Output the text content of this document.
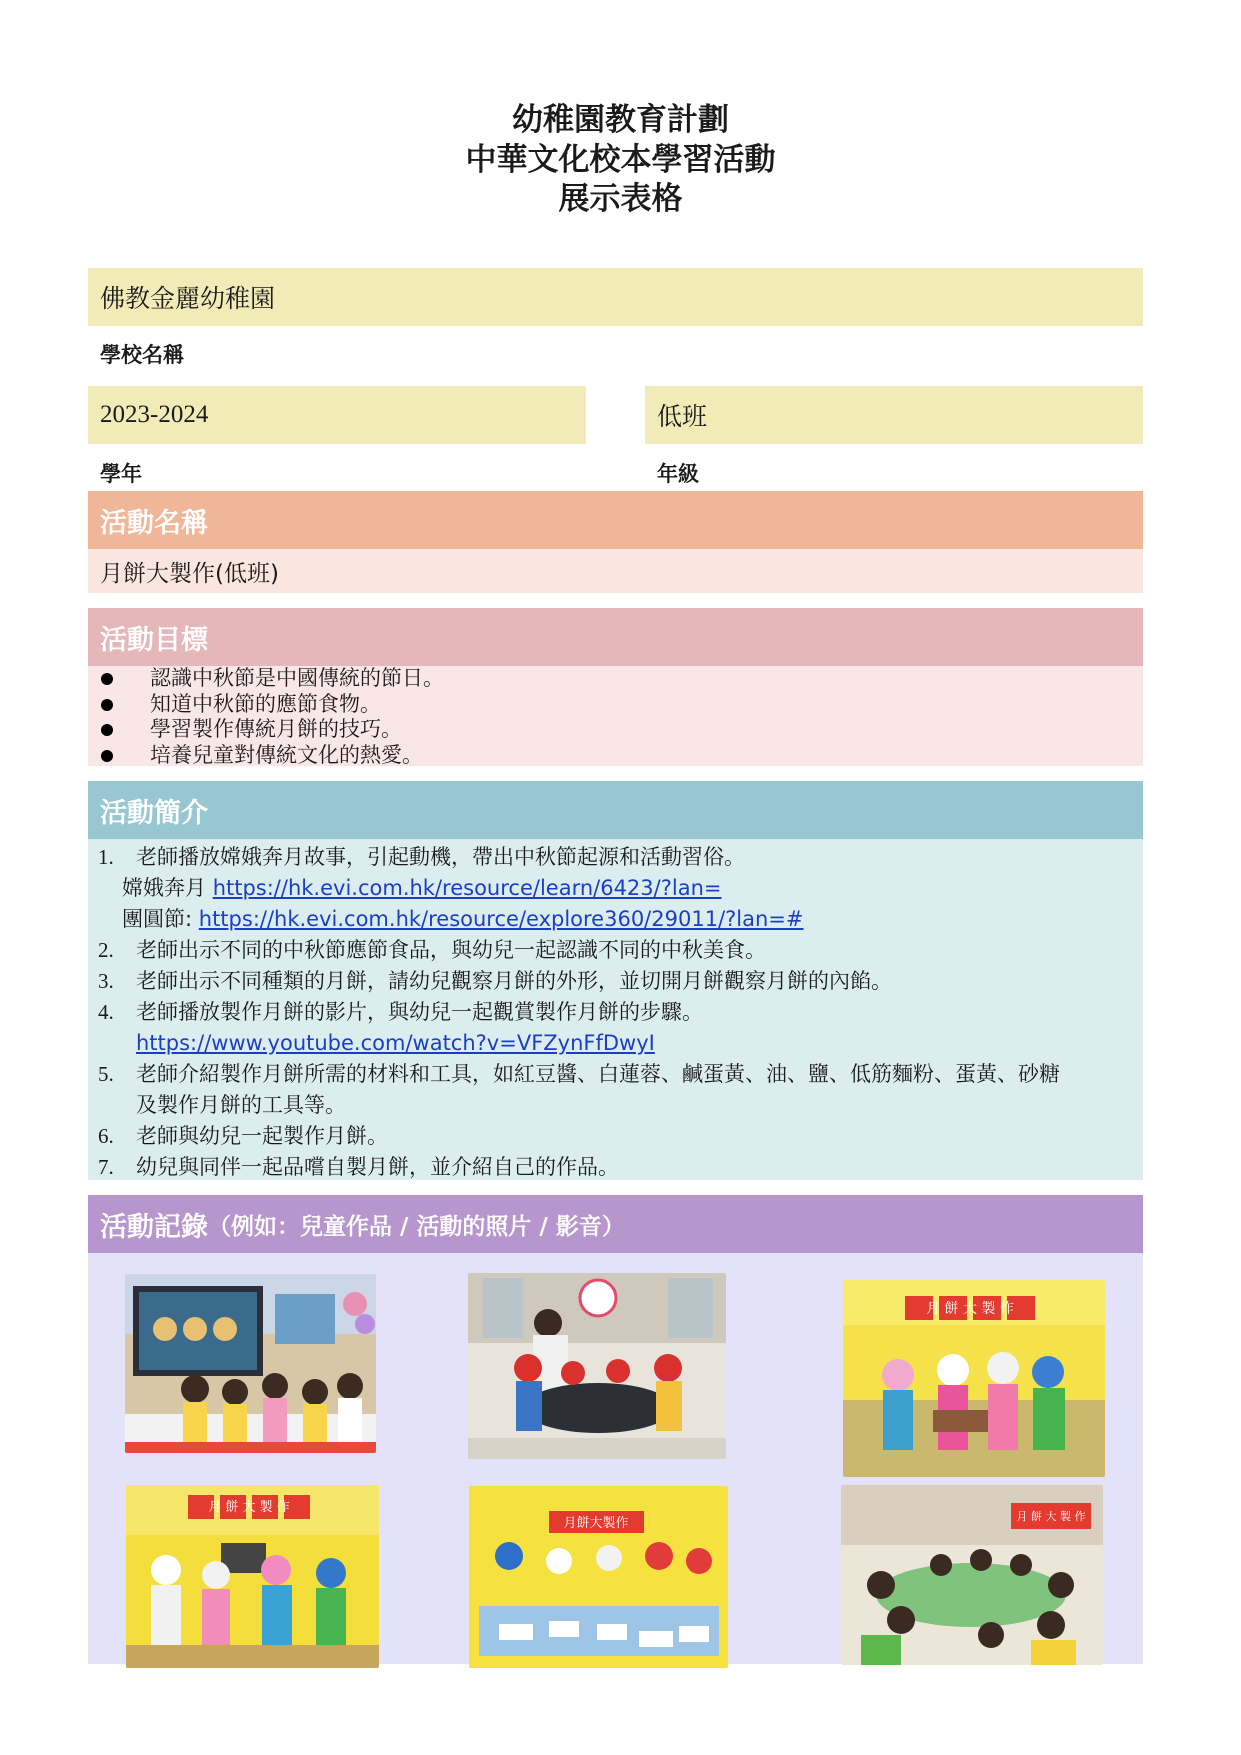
幼稚園教育計劃
中華文化校本學習活動
展示表格
佛教金麗幼稚園
學校名稱
2023-2024	低班
學年	年級
活動名稱
月餅大製作(低班)
活動目標
認識中秋節是中國傳統的節日。
知道中秋節的應節食物。
學習製作傳統月餅的技巧。
培養兒童對傳統文化的熱愛。
活動簡介
1. 老師播放嫦娥奔月故事，引起動機，帶出中秋節起源和活動習俗。
嫦娥奔月 https://hk.evi.com.hk/resource/learn/6423/?lan=
團圓節: https://hk.evi.com.hk/resource/explore360/29011/?lan=#
2. 老師出示不同的中秋節應節食品，與幼兒一起認識不同的中秋美食。
3. 老師出示不同種類的月餅，請幼兒觀察月餅的外形，並切開月餅觀察月餅的內餡。
4. 老師播放製作月餅的影片，與幼兒一起觀賞製作月餅的步驟。
https://www.youtube.com/watch?v=VFZynFfDwyI
5. 老師介紹製作月餅所需的材料和工具，如紅豆醬、白蓮蓉、鹹蛋黃、油、鹽、低筋麵粉、蛋黃、砂糖
及製作月餅的工具等。
6. 老師與幼兒一起製作月餅。
7. 幼兒與同伴一起品嚐自製月餅，並介紹自己的作品。
活動記錄 （例如：兒童作品 / 活動的照片 / 影音）
月 餅 大 製 作
月 餅 大 製 作
月餅大製作	月 餅 大 製 作
